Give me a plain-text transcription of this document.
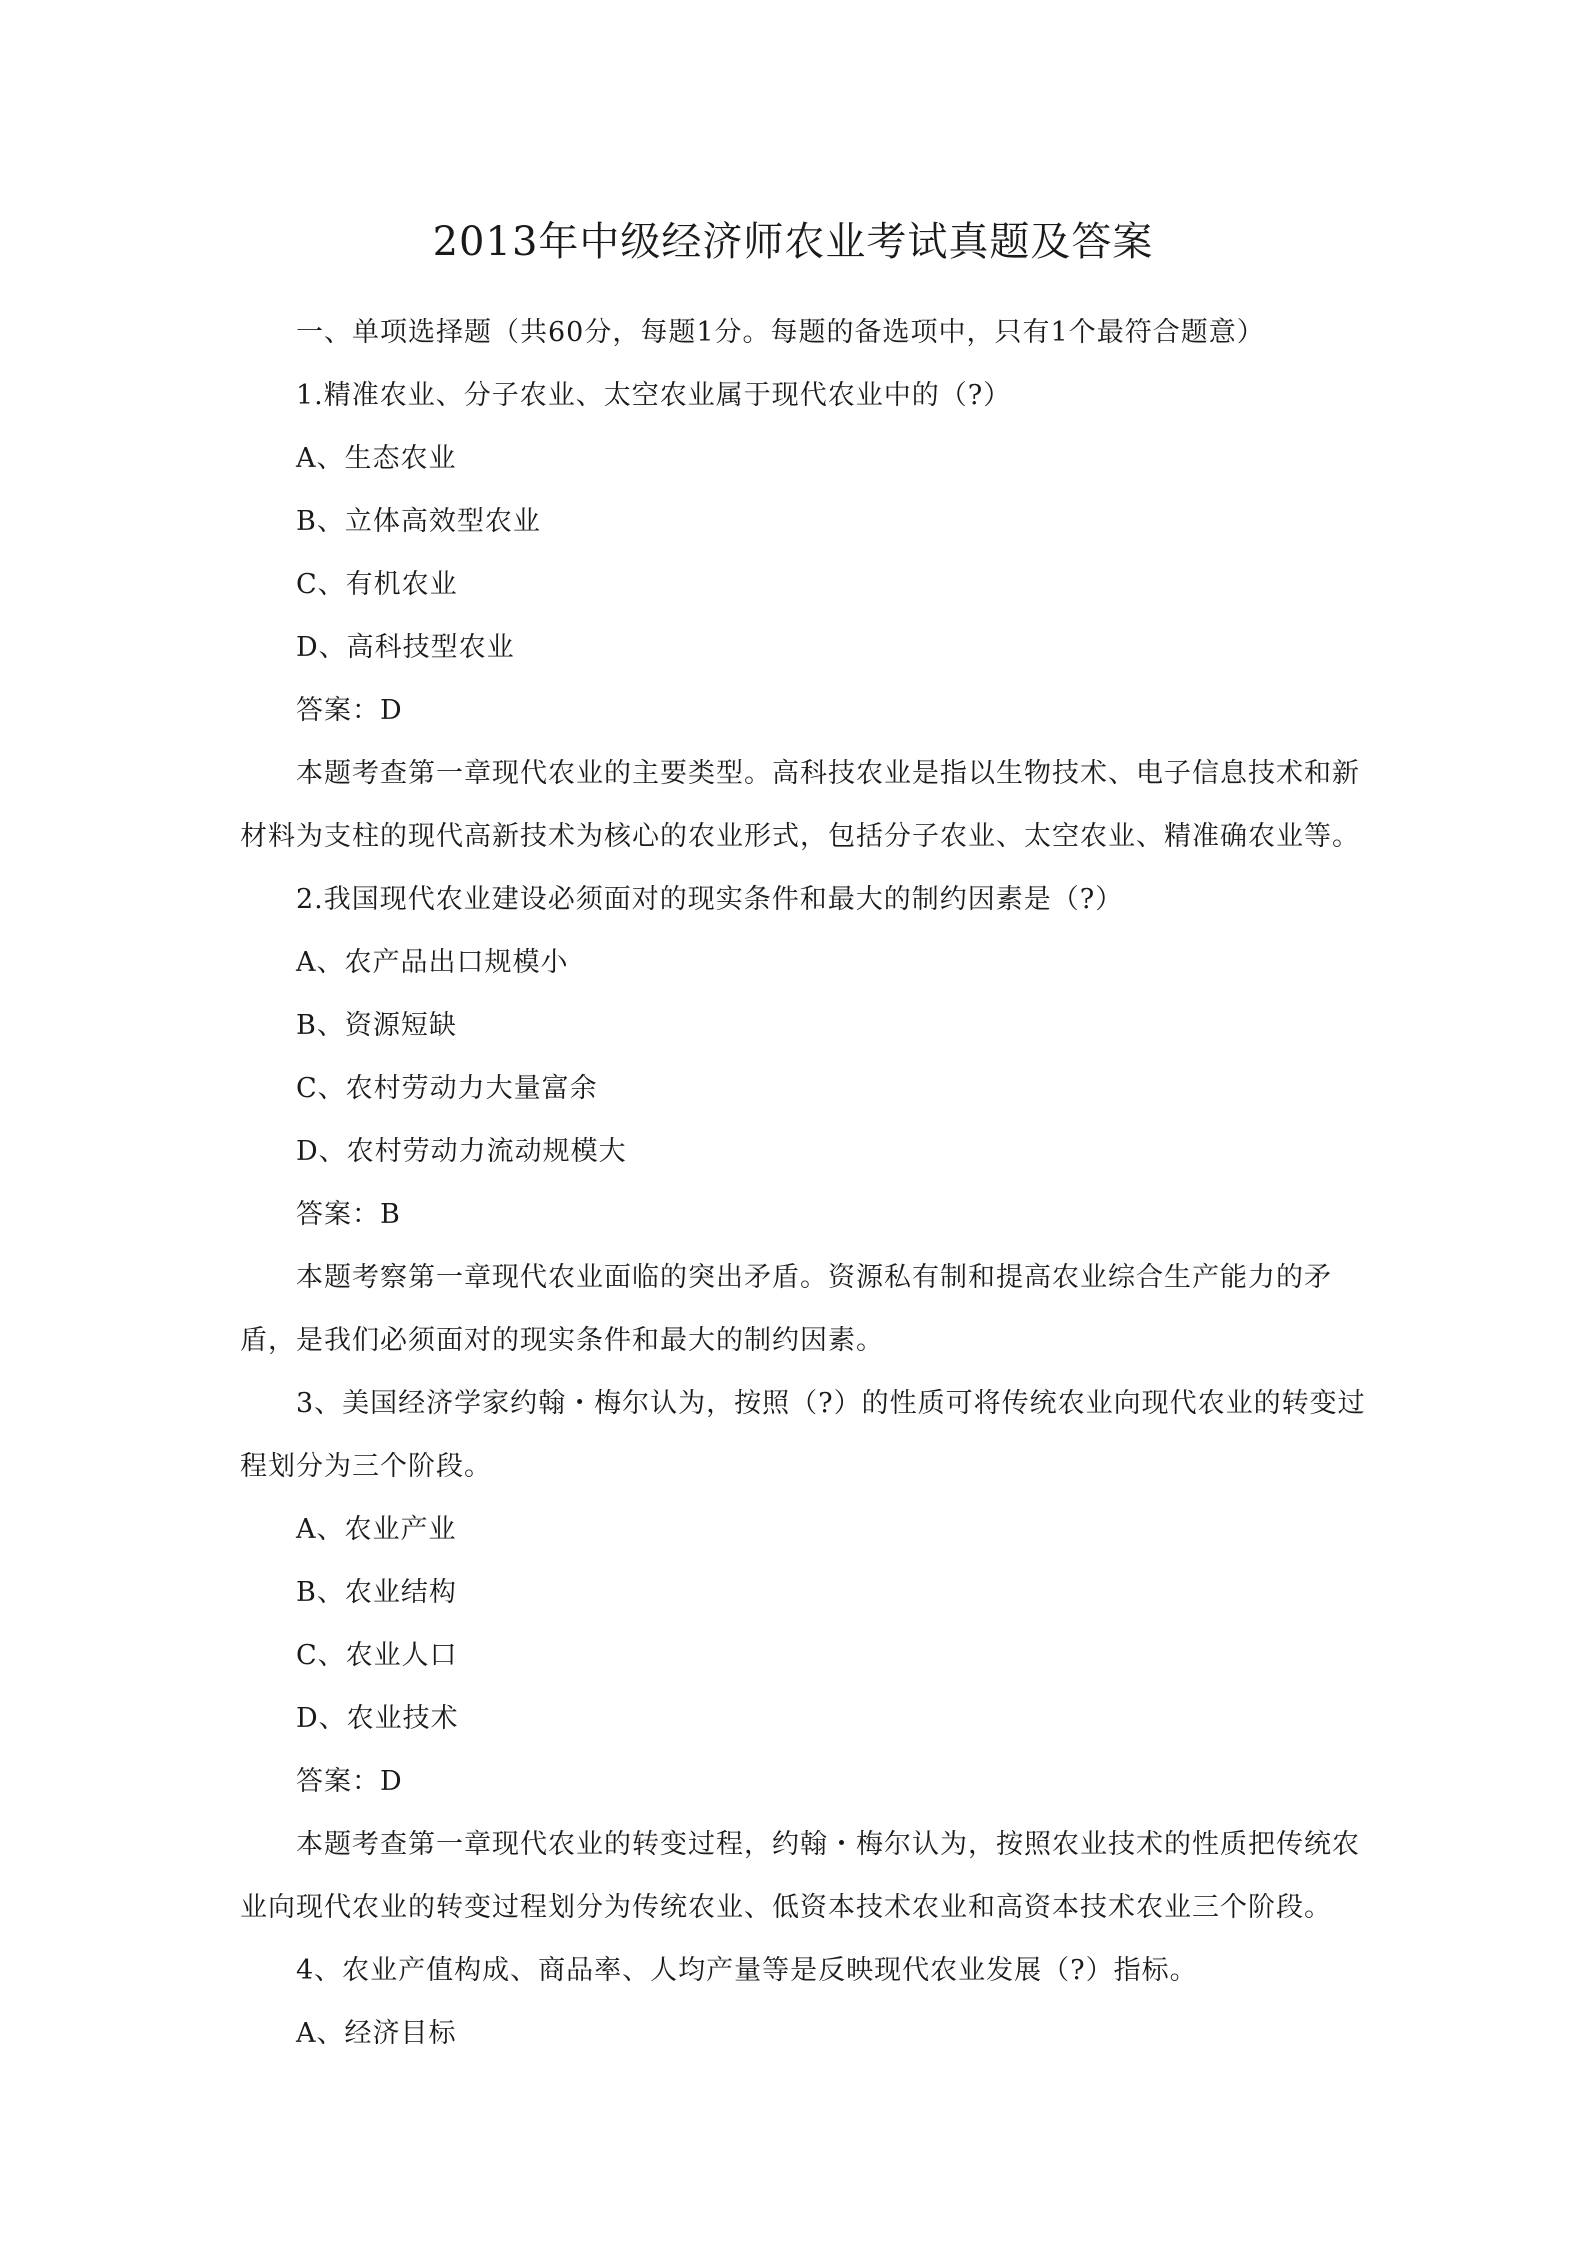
2013年中级经济师农业考试真题及答案

一、单项选择题（共60分，每题1分。每题的备选项中，只有1个最符合题意）

1.精准农业、分子农业、太空农业属于现代农业中的（?）

A、生态农业

B、立体高效型农业

C、有机农业

D、高科技型农业

答案：D

本题考查第一章现代农业的主要类型。高科技农业是指以生物技术、电子信息技术和新

材料为支柱的现代高新技术为核心的农业形式，包括分子农业、太空农业、精准确农业等。

2.我国现代农业建设必须面对的现实条件和最大的制约因素是（?）

A、农产品出口规模小

B、资源短缺

C、农村劳动力大量富余

D、农村劳动力流动规模大

答案：B

本题考察第一章现代农业面临的突出矛盾。资源私有制和提高农业综合生产能力的矛

盾，是我们必须面对的现实条件和最大的制约因素。

3、美国经济学家约翰・梅尔认为，按照（?）的性质可将传统农业向现代农业的转变过

程划分为三个阶段。

A、农业产业

B、农业结构

C、农业人口

D、农业技术

答案：D

本题考查第一章现代农业的转变过程，约翰・梅尔认为，按照农业技术的性质把传统农

业向现代农业的转变过程划分为传统农业、低资本技术农业和高资本技术农业三个阶段。

4、农业产值构成、商品率、人均产量等是反映现代农业发展（?）指标。

A、经济目标
